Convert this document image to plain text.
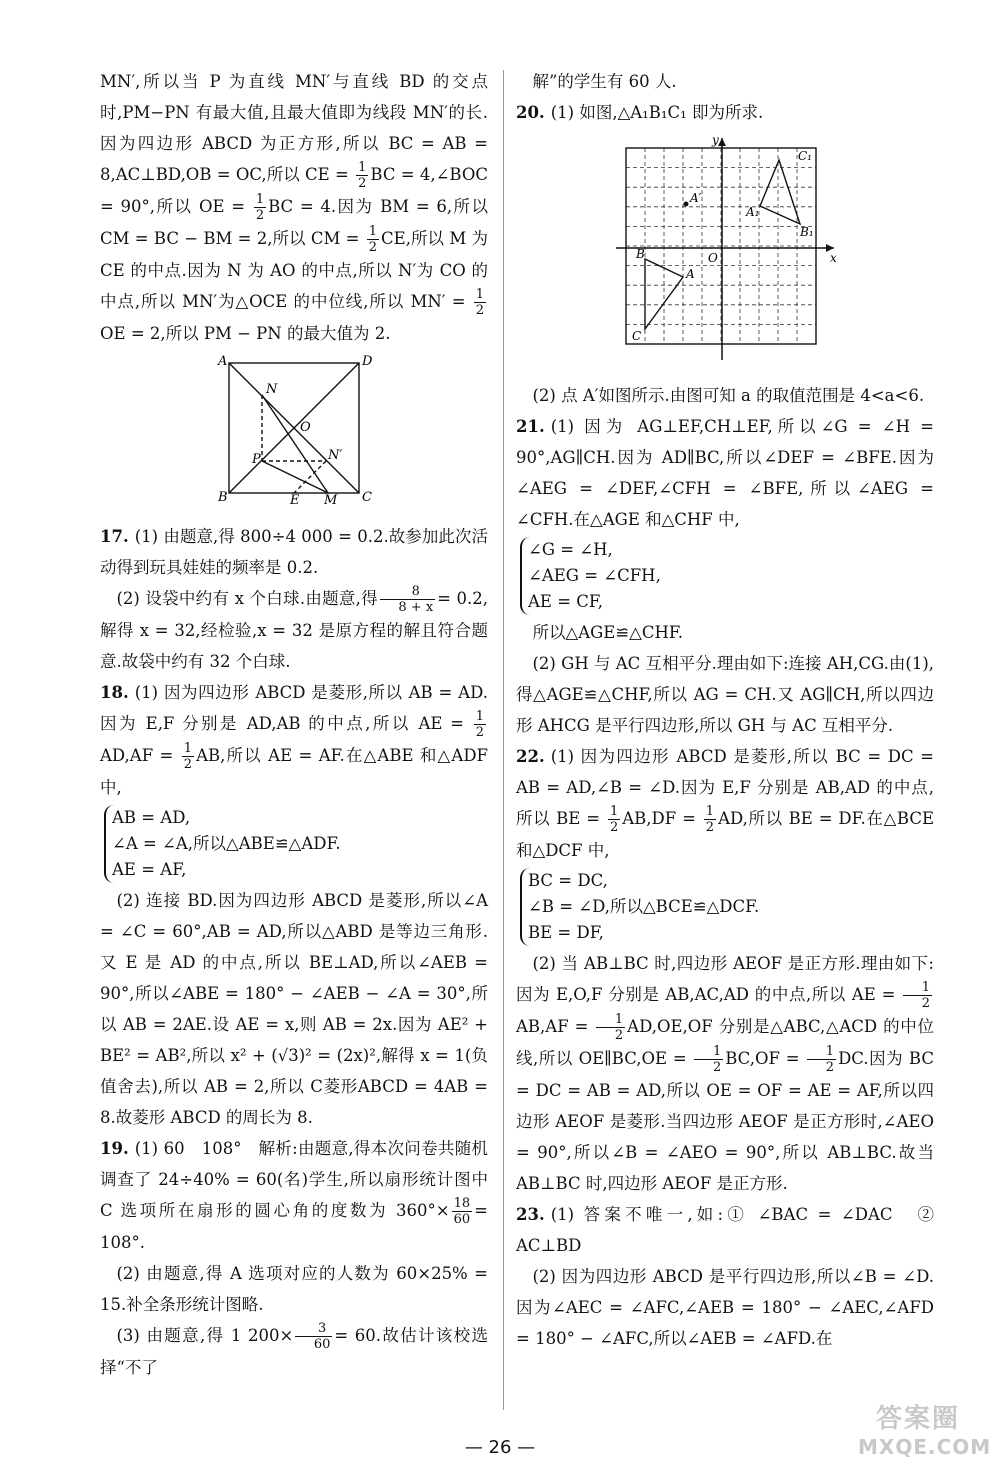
MN′,所以当 P 为直线 MN′与直线 BD 的交点时,PM−PN 有最大值,且最大值即为线段 MN′的长.因为四边形 ABCD 为正方形,所以 BC = AB = 8,AC⊥BD,OB = OC,所以 CE = $\frac{1}{2}$ BC = 4,∠BOC = 90°,所以 OE = $\frac{1}{2}$ BC = 4.因为 BM = 6,所以 CM = BC − BM = 2,所以 CM = $\frac{1}{2}$ CE,所以 M 为 CE 的中点.因为 N 为 AO 的中点,所以 N′为 CO 的中点,所以 MN′为△OCE 的中位线,所以 $MN' = \frac{1}{2}$
OE = 2,所以 PM − PN 的最大值为 2.

A	D
B	C
N
O
P	N′
E M

17. (1) 由题意,得 800÷4 000 = 0.2.故参加此次活动得到玩具娃娃的频率是 0.2.

(2) 设袋中约有 x 个白球.由题意,得 $\frac{8}{8 + x} = 0.2$,解得 x = 32,经检验,x = 32 是原方程的解且符合题意.故袋中约有 32 个白球.

18. (1) 因为四边形 ABCD 是菱形,所以 AB = AD.因为 E,F 分别是 AD,AB 的中点,所以 AE = $\frac{1}{2}$
$AD,AF = \frac{1}{2}$ AB,所以 AE = AF.在△ABE 和△ADF 中,

AB = AD,
∠A = ∠A,所以△ABE≌△ADF.
AE = AF,

(2) 连接 BD.因为四边形 ABCD 是菱形,所以∠A = ∠C = 60°,AB = AD,所以△ABD 是等边三角形.又 E 是 AD 的中点,所以 BE⊥AD,所以∠AEB = 90°,所以∠ABE = 180° − ∠AEB − ∠A = 30°,所以 AB = 2AE.设 AE = x,则 AB = 2x.因为 AE² + BE² = AB²,所以 x² + (√3)² = (2x)²,解得 x = 1(负值舍去),所以 AB = 2,所以 C菱形ABCD = 4AB = 8.故菱形 ABCD 的周长为 8.

19. (1) 60　108°　解析:由题意,得本次问卷共随机调查了 24÷40% = 60(名)学生,所以扇形统计图中 C 选项所在扇形的圆心角的度数为 $360^\circ\times \frac{18}{60} = 108^\circ$.

(2) 由题意,得 A 选项对应的人数为 60×25% = 15.补全条形统计图略.

(3) 由题意,得 1 $200\times \frac{3}{60} = 60$.故估计该校选择“不了

解”的学生有 60 人.

20. (1) 如图,△A₁B₁C₁ 即为所求.

y
x
O
A
B
C
A₁
B₁
C₁
A′

(2) 点 A′如图所示.由图可知 a 的取值范围是 4<a<6.

21. (1) 因为 AG⊥EF,CH⊥EF,所以∠G = ∠H = 90°,AG∥CH.因为 AD∥BC,所以∠DEF = ∠BFE.因为∠AEG = ∠DEF,∠CFH = ∠BFE,所以∠AEG = ∠CFH.在△AGE 和△CHF 中,

∠G = ∠H,
∠AEG = ∠CFH,
AE = CF,

所以△AGE≌△CHF.

(2) GH 与 AC 互相平分.理由如下:连接 AH,CG.由(1),得△AGE≌△CHF,所以 AG = CH.又 AG∥CH,所以四边形 AHCG 是平行四边形,所以 GH 与 AC 互相平分.

22. (1) 因为四边形 ABCD 是菱形,所以 BC = DC = AB = AD,∠B = ∠D.因为 E,F 分别是 AB,AD 的中点,所以 BE = $\frac{1}{2} AB,DF = \frac{1}{2}$ AD,所以 BE = DF.在△BCE 和△DCF 中,

BC = DC,
∠B = ∠D,所以△BCE≌△DCF.
BE = DF,

(2) 当 AB⊥BC 时,四边形 AEOF 是正方形.理由如下:因为 E,O,F 分别是 AB,AC,AD 的中点,所以 AE = $\frac{1}{2}$
$AB,AF = \frac{1}{2} AD,OE,OF$ 分别是△ABC,△ACD 的中位线,所以 OE∥BC,OE = $\frac{1}{2} BC,OF = \frac{1}{2}$ DC.因为 BC = DC = AB = AD,所以 OE = OF = AE = AF,所以四边形 AEOF 是菱形.当四边形 AEOF 是正方形时,∠AEO = 90°,所以∠B = ∠AEO = 90°,所以 AB⊥BC.故当 AB⊥BC 时,四边形 AEOF 是正方形.

23. (1) 答案不唯一,如:① ∠BAC = ∠DAC　② AC⊥BD

(2) 因为四边形 ABCD 是平行四边形,所以∠B = ∠D.因为∠AEC = ∠AFC,∠AEB = 180° − ∠AEC,∠AFD = 180° − ∠AFC,所以∠AEB = ∠AFD.在

— 26 —
答案圈
MXQE.COM
